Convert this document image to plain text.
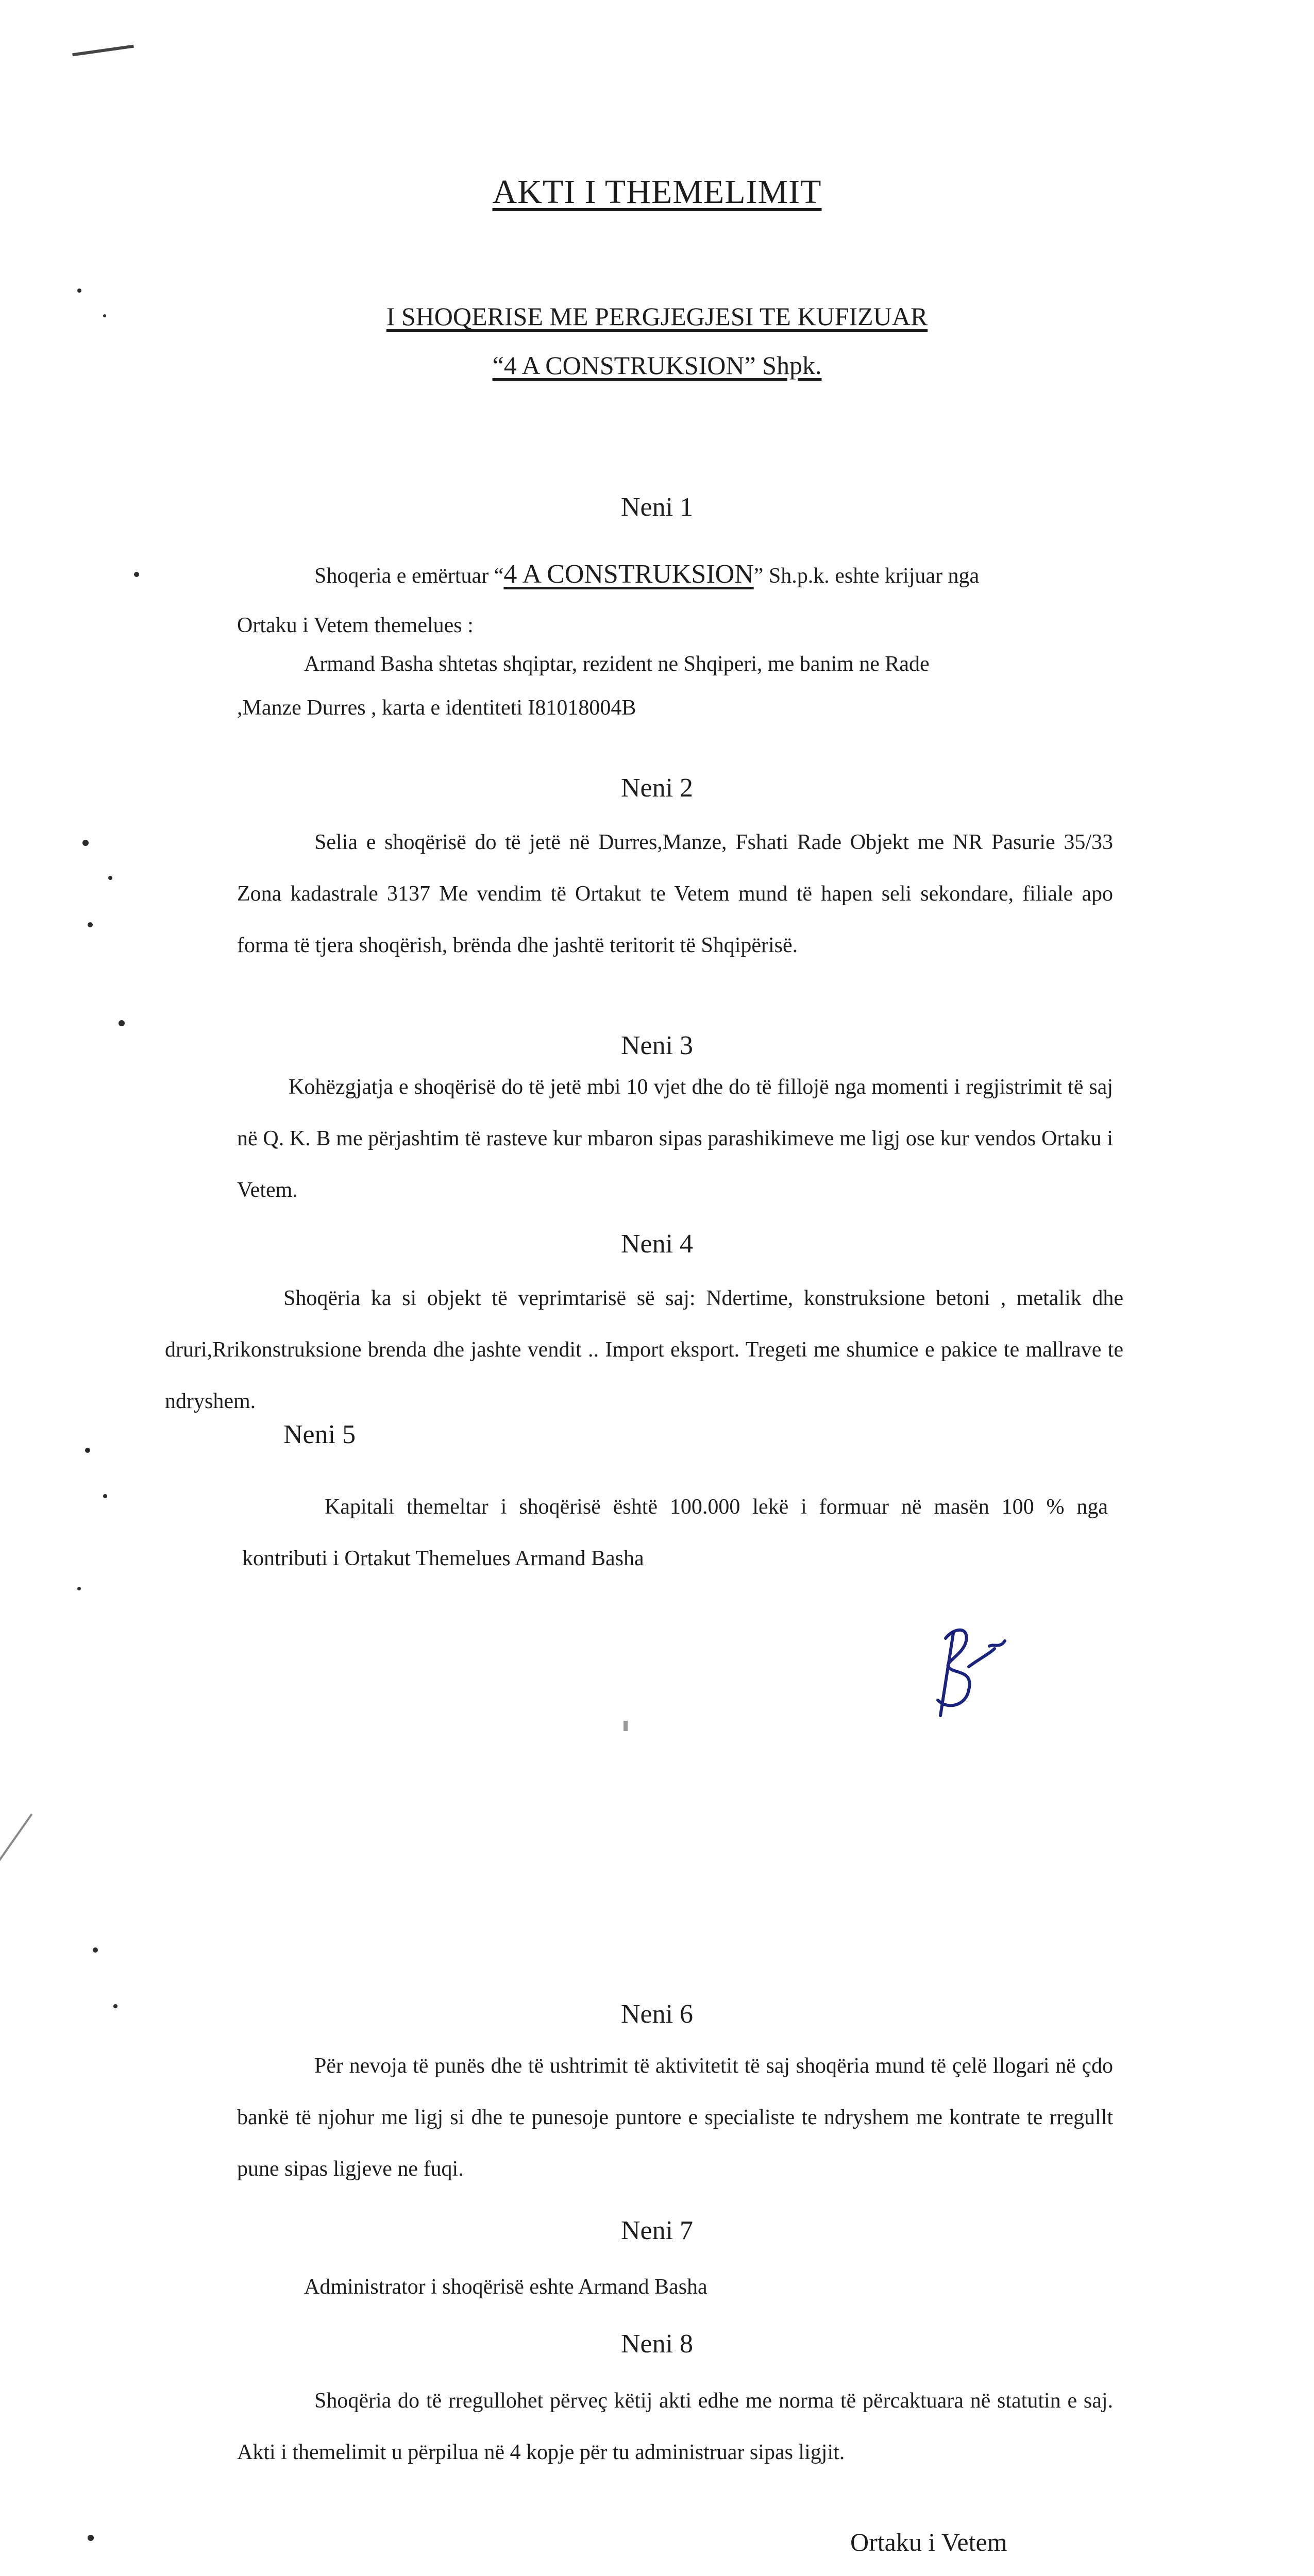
AKTI I THEMELIMIT
I SHOQERISE ME PERGJEGJESI TE KUFIZUAR
“4 A CONSTRUKSION” Shpk.
Neni 1
Shoqeria e emërtuar “4 A CONSTRUKSION” Sh.p.k. eshte krijuar nga
Ortaku i Vetem themelues :
Armand Basha shtetas shqiptar, rezident ne Shqiperi, me banim ne Rade
,Manze Durres , karta e identiteti I81018004B
Neni 2
Selia e shoqërisë do të jetë në Durres,Manze, Fshati Rade Objekt me NR Pasurie 35/33 Zona kadastrale 3137 Me vendim të Ortakut te Vetem mund të hapen seli sekondare, filiale apo forma të tjera shoqërish, brënda dhe jashtë teritorit të Shqipërisë.
Neni 3
Kohëzgjatja e shoqërisë do të jetë mbi 10 vjet dhe do të fillojë nga momenti i regjistrimit të saj në Q. K. B me përjashtim të rasteve kur mbaron sipas parashikimeve me ligj ose kur vendos Ortaku i Vetem.
Neni 4
Shoqëria ka si objekt të veprimtarisë së saj: Ndertime, konstruksione betoni , metalik dhe druri,Rrikonstruksione brenda dhe jashte vendit .. Import eksport. Tregeti me shumice e pakice te mallrave te ndryshem.
Neni 5
Kapitali themeltar i shoqërisë është 100.000 lekë i formuar në masën 100 % nga kontributi i Ortakut Themelues Armand Basha
Neni 6
Për nevoja të punës dhe të ushtrimit të aktivitetit të saj shoqëria mund të çelë llogari në çdo bankë të njohur me ligj si dhe te punesoje puntore e specialiste te ndryshem me kontrate te rregullt pune sipas ligjeve ne fuqi.
Neni 7
Administrator i shoqërisë eshte Armand Basha
Neni 8
Shoqëria do të rregullohet përveç këtij akti edhe me norma të përcaktuara në statutin e saj. Akti i themelimit u përpilua në 4 kopje për tu administruar sipas ligjit.
Ortaku i Vetem
